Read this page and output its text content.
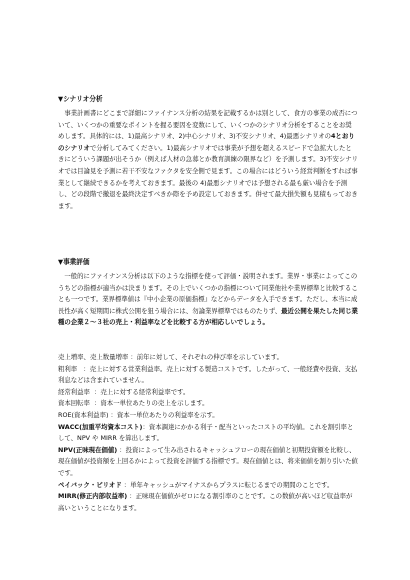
▼シナリオ分析

事業計画書にどこまで詳細にファイナンス分析の結果を記載するかは別として、食方の事業の成否について、いくつかの重要なポイントを握る要因を変数にして、いくつかのシナリオ分析をすることをお奨めします。具体的には、1)最高シナリオ、2)中心シナリオ、3)不安シナリオ、4)最悪シナリオの4とおりのシナリオで分析してみてください。1)最高シナリオでは事業が予想を超えるスピードで急拡大したときにどういう課題が出そうか（例えば人材の急募とか教育訓練の限界など）を予測します。3)不安シナリオでは目論見を予測に若干不安なファクタを安全側で見ます。この場合にはどういう経営判断をすれば事業として継続できるかを考えておきます。最後の 4)最悪シナリオでは予想される最も厳い場合を予測し、どの段階で撤退を最終決定すべきか際を予め設定しておきます。併せて最大損失額も見積もっておきます。

▼事業評価

一般的にファイナンス分析は以下のような指標を使って評価・説明されます。業界・事業によってこのうちどの指標が適当かは決まります。その上でいくつかの指標について同業他社や業界標準と比較することも一つです。業界標準値は『中小企業の原価指標』などからデータを入手できます。ただし、本当に成長性が高く短期間に株式公開を狙う場合には、勿論業界標準ではものたりず、最近公開を果たした同じ業種の企業２～３社の売上・利益率などを比較する方が相応しいでしょう。

売上増率、売上数量増率 ：前年に対して、それぞれの伸び率を示しています。

粗利率 ：売上に対する営業利益率。売上に対する製造コストです。したがって、一般経費や投資、支払利息などは含まれていません。

経常利益率 ：売上に対する経常利益率です。

資本回転率 ：資本一単位あたりの売上を示します。

ROE(資本利益率) ：資本一単位あたりの利益率を示す。

WACC(加重平均資本コスト)：資本調達にかかる利子・配当といったコストの平均値。これを割引率として、NPV や MIRR を算出します。

NPV(正味現在価値) ：投資によって生み出されるキャッシュフローの現在価値と初期投資額を比較し、現在価値が投資額を上回るかによって投資を評価する指標です。現在価値とは、将来価値を割り引いた値です。

ペイバック・ピリオド ：単年キャッシュがマイナスからプラスに転じるまでの期間のことです。

MIRR(修正内部収益率) ：正味現在価値がゼロになる割引率のことです。この数値が高いほど収益率が高いということになります。
